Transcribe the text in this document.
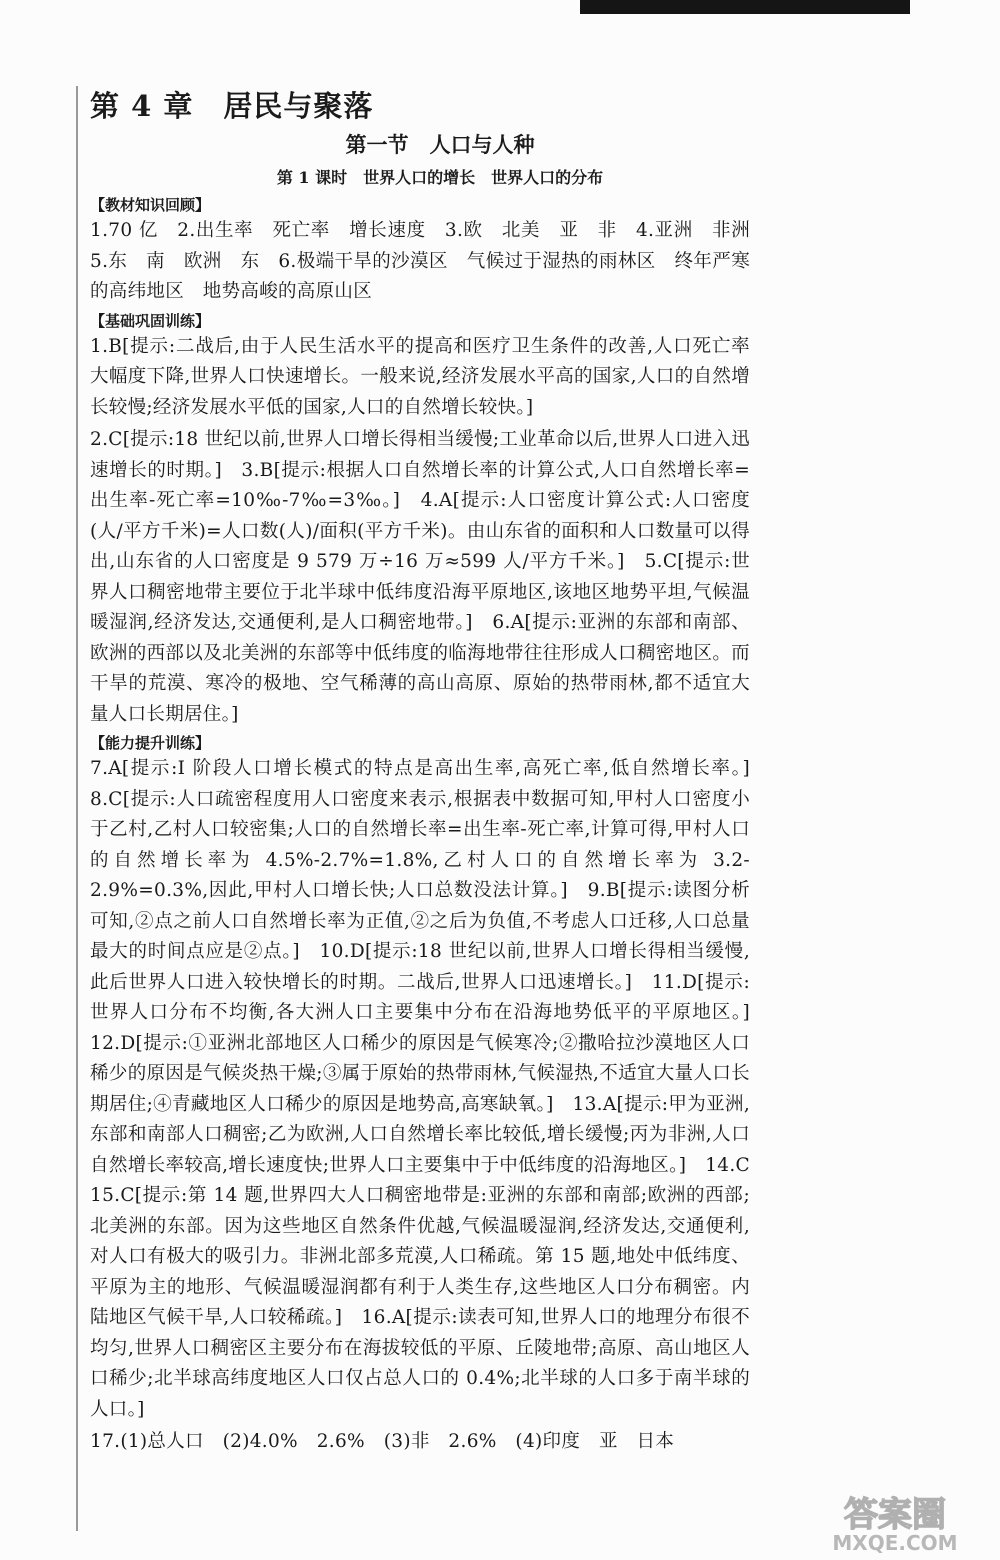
第 4 章　居民与聚落
第一节　人口与人种
第 1 课时　世界人口的增长　世界人口的分布

【教材知识回顾】

1.70 亿　2.出生率　死亡率　增长速度　3.欧　北美　亚　非　4.亚洲　非洲　5.东　南　欧洲　东　6.极端干旱的沙漠区　气候过于湿热的雨林区　终年严寒的高纬地区　地势高峻的高原山区

【基础巩固训练】

1.B[提示:二战后,由于人民生活水平的提高和医疗卫生条件的改善,人口死亡率大幅度下降,世界人口快速增长。一般来说,经济发展水平高的国家,人口的自然增长较慢;经济发展水平低的国家,人口的自然增长较快。]

2.C[提示:18 世纪以前,世界人口增长得相当缓慢;工业革命以后,世界人口进入迅速增长的时期。]　3.B[提示:根据人口自然增长率的计算公式,人口自然增长率=出生率-死亡率=10‰-7‰=3‰。]　4.A[提示:人口密度计算公式:人口密度(人/平方千米)=人口数(人)/面积(平方千米)。由山东省的面积和人口数量可以得出,山东省的人口密度是 9 579 万÷16 万≈599 人/平方千米。]　5.C[提示:世界人口稠密地带主要位于北半球中低纬度沿海平原地区,该地区地势平坦,气候温暖湿润,经济发达,交通便利,是人口稠密地带。]　6.A[提示:亚洲的东部和南部、欧洲的西部以及北美洲的东部等中低纬度的临海地带往往形成人口稠密地区。而干旱的荒漠、寒冷的极地、空气稀薄的高山高原、原始的热带雨林,都不适宜大量人口长期居住。]

【能力提升训练】

7.A[提示:I 阶段人口增长模式的特点是高出生率,高死亡率,低自然增长率。]　8.C[提示:人口疏密程度用人口密度来表示,根据表中数据可知,甲村人口密度小于乙村,乙村人口较密集;人口的自然增长率=出生率-死亡率,计算可得,甲村人口的自然增长率为 4.5%-2.7%=1.8%,乙村人口的自然增长率为 3.2-2.9%=0.3%,因此,甲村人口增长快;人口总数没法计算。]　9.B[提示:读图分析可知,②点之前人口自然增长率为正值,②之后为负值,不考虑人口迁移,人口总量最大的时间点应是②点。]　10.D[提示:18 世纪以前,世界人口增长得相当缓慢,此后世界人口进入较快增长的时期。二战后,世界人口迅速增长。]　11.D[提示:世界人口分布不均衡,各大洲人口主要集中分布在沿海地势低平的平原地区。]　12.D[提示:①亚洲北部地区人口稀少的原因是气候寒冷;②撒哈拉沙漠地区人口稀少的原因是气候炎热干燥;③属于原始的热带雨林,气候湿热,不适宜大量人口长期居住;④青藏地区人口稀少的原因是地势高,高寒缺氧。]　13.A[提示:甲为亚洲,东部和南部人口稠密;乙为欧洲,人口自然增长率比较低,增长缓慢;丙为非洲,人口自然增长率较高,增长速度快;世界人口主要集中于中低纬度的沿海地区。]　14.C　15.C[提示:第 14 题,世界四大人口稠密地带是:亚洲的东部和南部;欧洲的西部;北美洲的东部。因为这些地区自然条件优越,气候温暖湿润,经济发达,交通便利,对人口有极大的吸引力。非洲北部多荒漠,人口稀疏。第 15 题,地处中低纬度、平原为主的地形、气候温暖湿润都有利于人类生存,这些地区人口分布稠密。内陆地区气候干旱,人口较稀疏。]　16.A[提示:读表可知,世界人口的地理分布很不均匀,世界人口稠密区主要分布在海拔较低的平原、丘陵地带;高原、高山地区人口稀少;北半球高纬度地区人口仅占总人口的 0.4%;北半球的人口多于南半球的人口。]

17.(1)总人口　(2)4.0%　2.6%　(3)非　2.6%　(4)印度　亚　日本

答案圈
MXQE.COM
